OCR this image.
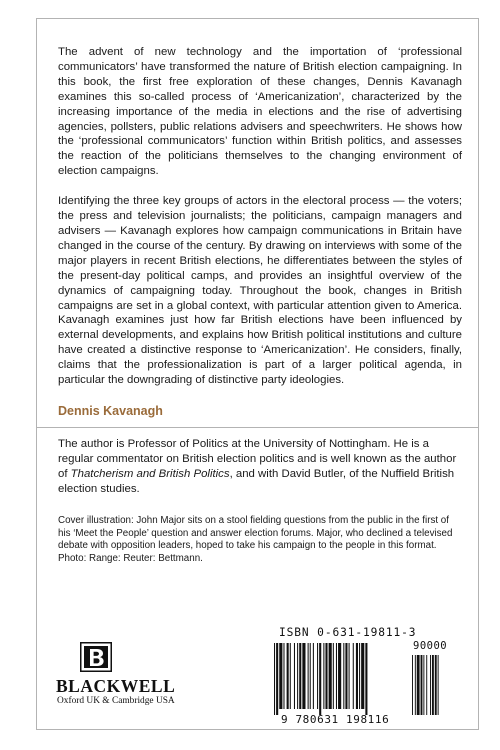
The advent of new technology and the importation of ‘professional communicators’ have transformed the nature of British election campaigning. In this book, the first free exploration of these changes, Dennis Kavanagh examines this so-called process of ‘Americanization’, characterized by the increasing importance of the media in elections and the rise of advertising agencies, pollsters, public relations advisers and speechwriters. He shows how the ‘professional communicators’ function within British politics, and assesses the reaction of the politicians themselves to the changing environment of election campaigns.

Identifying the three key groups of actors in the electoral process — the voters; the press and television journalists; the politicians, campaign managers and advisers — Kavanagh explores how campaign communications in Britain have changed in the course of the century. By drawing on interviews with some of the major players in recent British elections, he differentiates between the styles of the present-day political camps, and provides an insightful overview of the dynamics of campaigning today. Throughout the book, changes in British campaigns are set in a global context, with particular attention given to America. Kavanagh examines just how far British elections have been influenced by external developments, and explains how British political institutions and culture have created a distinctive response to ‘Americanization’. He considers, finally, claims that the professionalization is part of a larger political agenda, in particular the downgrading of distinctive party ideologies.

Dennis Kavanagh
The author is Professor of Politics at the University of Nottingham. He is a regular commentator on British election politics and is well known as the author of Thatcherism and British Politics, and with David Butler, of the Nuffield British election studies.
Cover illustration: John Major sits on a stool fielding questions from the public in the first of his ‘Meet the People’ question and answer election forums. Major, who declined a televised debate with opposition leaders, hoped to take his campaign to the people in this format. Photo: Range: Reuter: Bettmann.
BLACKWELL
Oxford UK & Cambridge USA
ISBN 0-631-19811-3
90000
9 780631 198116
